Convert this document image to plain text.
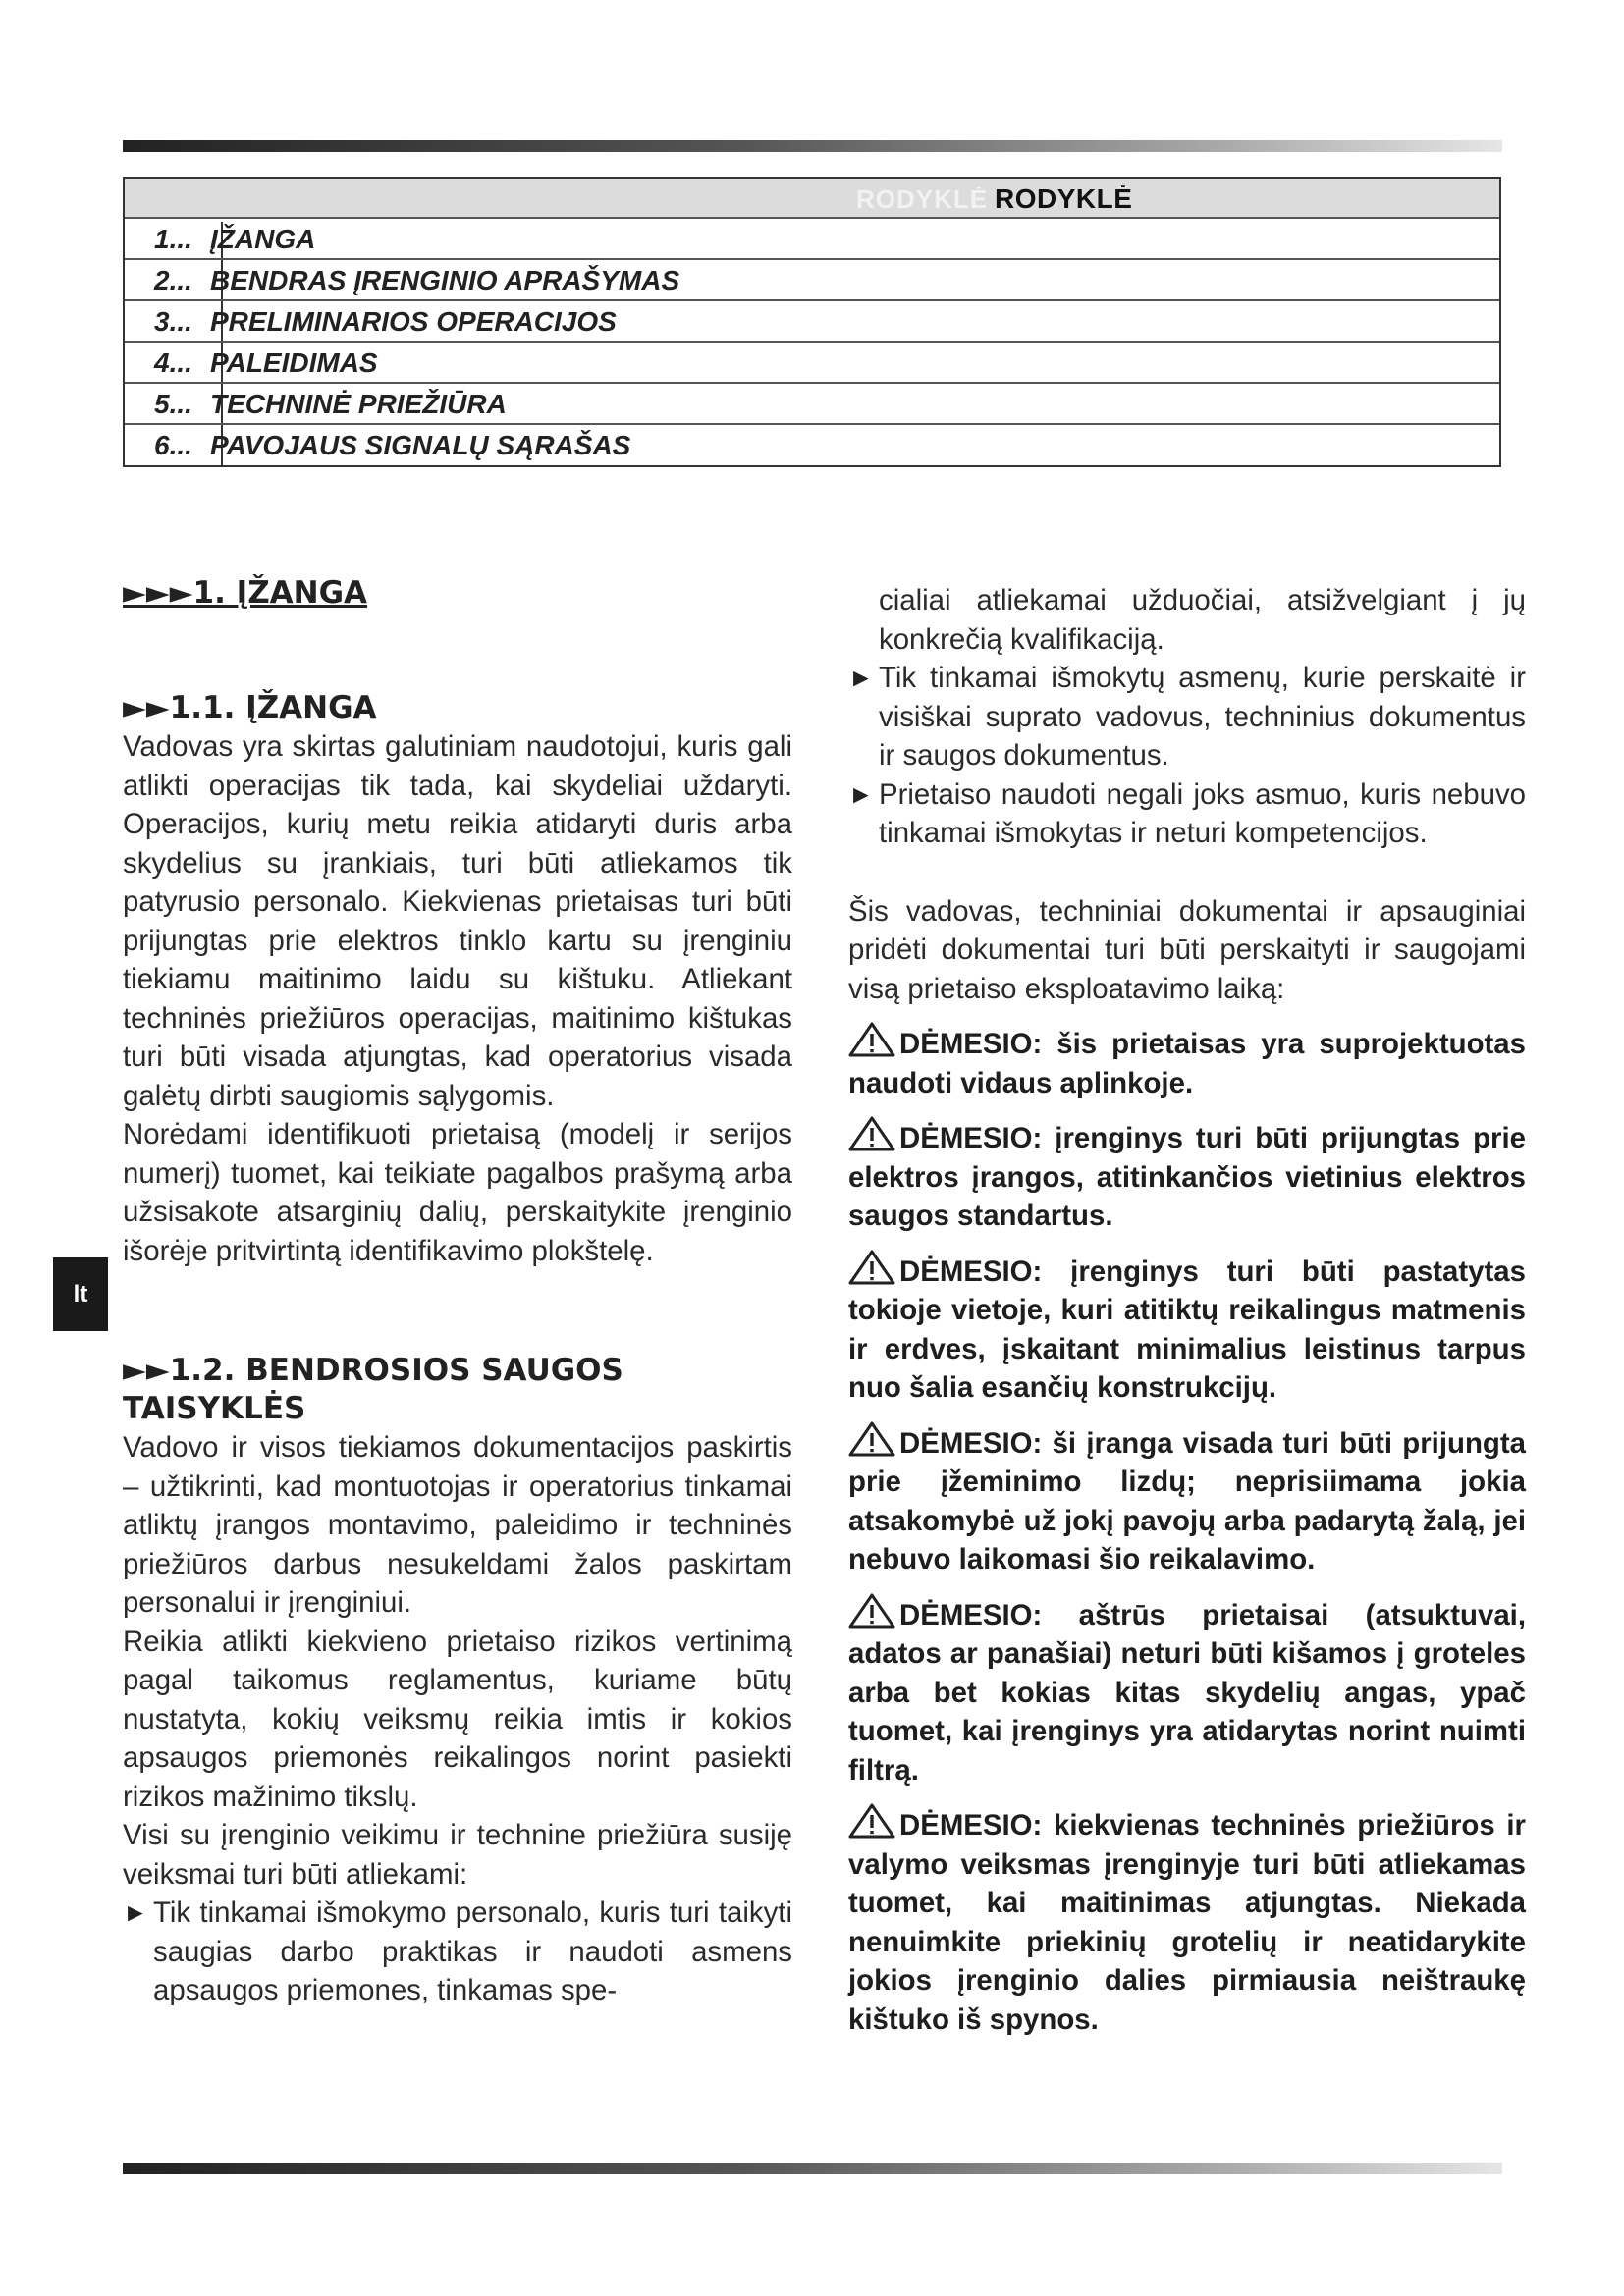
RODYKLĖ RODYKLĖ
1... ĮŽANGA
2... BENDRAS ĮRENGINIO APRAŠYMAS
3... PRELIMINARIOS OPERACIJOS
4... PALEIDIMAS
5... TECHNINĖ PRIEŽIŪRA
6... PAVOJAUS SIGNALŲ SĄRAŠAS
lt
►►►1. ĮŽANGA
►►1.1. ĮŽANGA

Vadovas yra skirtas galutiniam naudotojui, kuris gali atlikti operacijas tik tada, kai skydeliai uždaryti. Operacijos, kurių metu reikia atidaryti duris arba skydelius su įrankiais, turi būti atliekamos tik patyrusio personalo. Kiekvienas prietaisas turi būti prijungtas prie elektros tinklo kartu su įrenginiu tiekiamu maitinimo laidu su kištuku. Atliekant techninės priežiūros operacijas, maitinimo kištukas turi būti visada atjungtas, kad operatorius visada galėtų dirbti saugiomis sąlygomis.

Norėdami identifikuoti prietaisą (modelį ir serijos numerį) tuomet, kai teikiate pagalbos prašymą arba užsisakote atsarginių dalių, perskaitykite įrenginio išorėje pritvirtintą identifikavimo plokštelę.

►►1.2. BENDROSIOS SAUGOS TAISYKLĖS

Vadovo ir visos tiekiamos dokumentacijos paskirtis – užtikrinti, kad montuotojas ir operatorius tinkamai atliktų įrangos montavimo, paleidimo ir techninės priežiūros darbus nesukeldami žalos paskirtam personalui ir įrenginiui.

Reikia atlikti kiekvieno prietaiso rizikos vertinimą pagal taikomus reglamentus, kuriame būtų nustatyta, kokių veiksmų reikia imtis ir kokios apsaugos priemonės reikalingos norint pasiekti rizikos mažinimo tikslų.

Visi su įrenginio veikimu ir technine priežiūra susiję veiksmai turi būti atliekami:

► Tik tinkamai išmokymo personalo, kuris turi taikyti saugias darbo praktikas ir naudoti asmens apsaugos priemones, tinkamas spe-
cialiai atliekamai užduočiai, atsižvelgiant į jų konkrečią kvalifikaciją.
► Tik tinkamai išmokytų asmenų, kurie perskaitė ir visiškai suprato vadovus, techninius dokumentus ir saugos dokumentus.
► Prietaiso naudoti negali joks asmuo, kuris nebuvo tinkamai išmokytas ir neturi kompetencijos.

Šis vadovas, techniniai dokumentai ir apsauginiai pridėti dokumentai turi būti perskaityti ir saugojami visą prietaiso eksploatavimo laiką:

DĖMESIO: šis prietaisas yra suprojektuotas naudoti vidaus aplinkoje.

DĖMESIO: įrenginys turi būti prijungtas prie elektros įrangos, atitinkančios vietinius elektros saugos standartus.

DĖMESIO: įrenginys turi būti pastatytas tokioje vietoje, kuri atitiktų reikalingus matmenis ir erdves, įskaitant minimalius leistinus tarpus nuo šalia esančių konstrukcijų.

DĖMESIO: ši įranga visada turi būti prijungta prie įžeminimo lizdų; neprisiimama jokia atsakomybė už jokį pavojų arba padarytą žalą, jei nebuvo laikomasi šio reikalavimo.

DĖMESIO: aštrūs prietaisai (atsuktuvai, adatos ar panašiai) neturi būti kišamos į groteles arba bet kokias kitas skydelių angas, ypač tuomet, kai įrenginys yra atidarytas norint nuimti filtrą.

DĖMESIO: kiekvienas techninės priežiūros ir valymo veiksmas įrenginyje turi būti atliekamas tuomet, kai maitinimas atjungtas. Niekada nenuimkite priekinių grotelių ir neatidarykite jokios įrenginio dalies pirmiausia neištraukę kištuko iš spynos.
